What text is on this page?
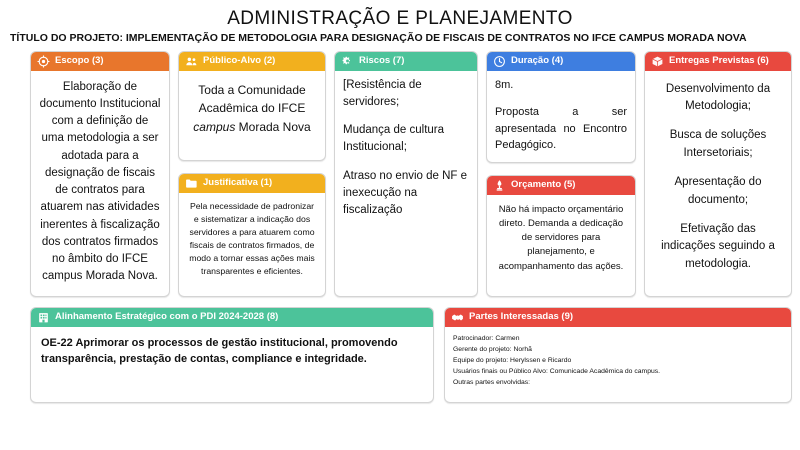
ADMINISTRAÇÃO E PLANEJAMENTO
TÍTULO DO PROJETO: IMPLEMENTAÇÃO DE METODOLOGIA PARA DESIGNAÇÃO DE FISCAIS DE CONTRATOS NO IFCE CAMPUS MORADA NOVA
Escopo (3)
Elaboração de documento Institucional com a definição de uma metodologia a ser adotada para a designação de fiscais de contratos para atuarem nas atividades inerentes à fiscalização dos contratos firmados no âmbito do IFCE campus Morada Nova.
Público-Alvo (2)
Toda a Comunidade
Acadêmica do IFCE
campus Morada Nova
Justificativa (1)
Pela necessidade de padronizar e sistematizar a indicação dos servidores a para atuarem como fiscais de contratos firmados, de modo a tornar essas ações mais transparentes e eficientes.
Riscos (7)

[Resistência de servidores;

Mudança de cultura Institucional;

Atraso no envio de NF e inexecução na fiscalização

Duração (4)

8m.

Proposta a ser apresentada no Encontro Pedagógico.

Orçamento (5)
Não há impacto orçamentário direto. Demanda a dedicação de servidores para planejamento, e acompanhamento das ações.
Entregas Previstas (6)

Desenvolvimento da Metodologia;

Busca de soluções Intersetoriais;

Apresentação do documento;

Efetivação das indicações seguindo a metodologia.

Alinhamento Estratégico com o PDI 2024-2028 (8)
OE-22 Aprimorar os processos de gestão institucional, promovendo transparência, prestação de contas, compliance e integridade.
Partes Interessadas (9)
Patrocinador: Carmen
Gerente do projeto: Norhã
Equipe do projeto: Herylssen e Ricardo
Usuários finais ou Público Alvo: Comunicade Acadêmica do campus.
Outras partes envolvidas:
